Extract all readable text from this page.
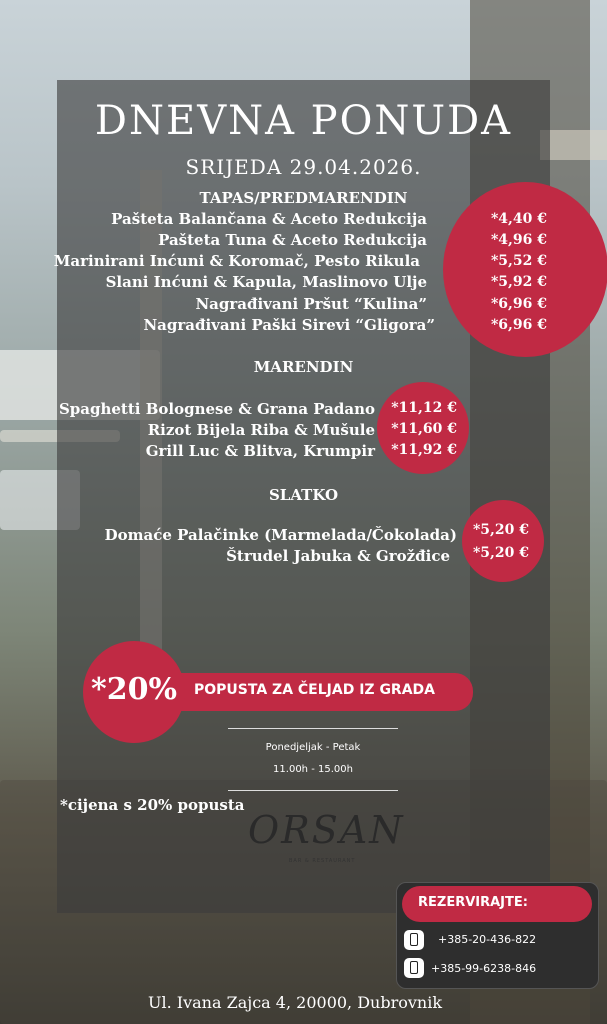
DNEVNA PONUDA
SRIJEDA 29.04.2026.
TAPAS/PREDMARENDIN
Pašteta Balančana & Aceto Redukcija	*4,40 €
Pašteta Tuna & Aceto Redukcija	*4,96 €
Marinirani Inćuni & Koromač, Pesto Rikula	*5,52 €
Slani Inćuni & Kapula, Maslinovo Ulje	*5,92 €
Nagrađivani Pršut “Kulina”	*6,96 €
Nagrađivani Paški Sirevi “Gligora”	*6,96 €
MARENDIN
Spaghetti Bolognese & Grana Padano *11,12 €
Rizot Bijela Riba & Mušule *11,60 €
Grill Luc & Blitva, Krumpir *11,92 €
SLATKO
Domaće Palačinke (Marmelada/Čokolada) *5,20 €
Štrudel Jabuka & Grožđice *5,20 €
POPUSTA ZA ČELJAD IZ GRADA
*20%
Ponedjeljak - Petak
11.00h - 15.00h
*cijena s 20% popusta
ORSAN
BAR & RESTAURANT
REZERVIRAJTE:
+385-20-436-822
+385-99-6238-846
Ul. Ivana Zajca 4, 20000, Dubrovnik
